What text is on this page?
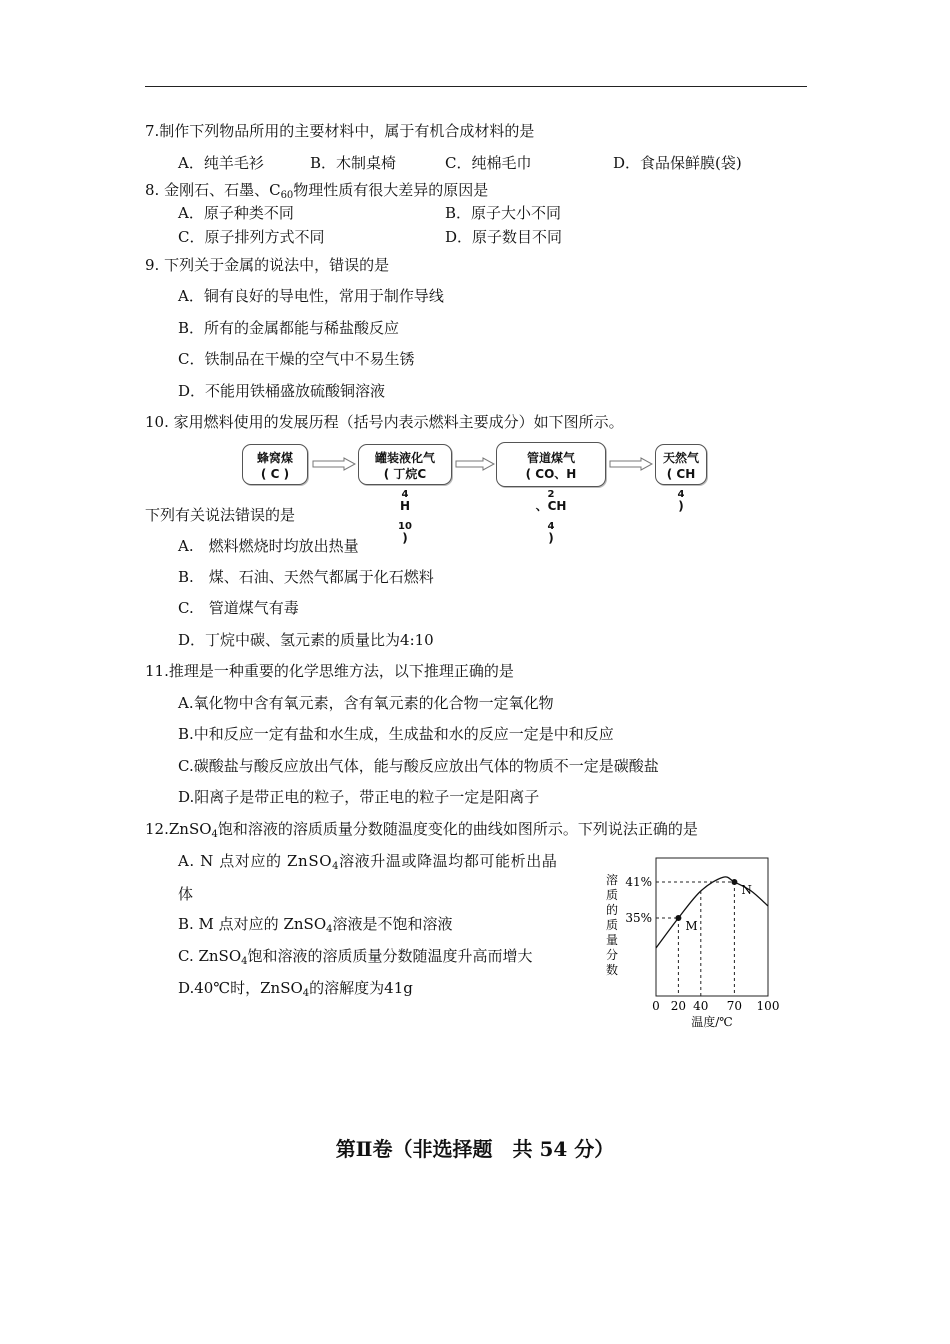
7.制作下列物品所用的主要材料中，属于有机合成材料的是
A．纯羊毛衫	B．木制桌椅	C．纯棉毛巾	D．食品保鲜膜(袋)
8. 金刚石、石墨、$C_{60}$物理性质有很大差异的原因是
A．原子种类不同	B．原子大小不同
C．原子排列方式不同	D．原子数目不同
9. 下列关于金属的说法中，错误的是
A．铜有良好的导电性，常用于制作导线
B．所有的金属都能与稀盐酸反应
C．铁制品在干燥的空气中不易生锈
D．不能用铁桶盛放硫酸铜溶液
10. 家用燃料使用的发展历程（括号内表示燃料主要成分）如下图所示。
蜂窝煤
( C )
罐装液化气
( 丁烷C
$_4$
H
$_{10}$
)
管道煤气
( CO、H
$_2$
、CH
$_4$
)
天然气
( CH
$_4$
)
下列有关说法错误的是
A.　燃料燃烧时均放出热量
B.　煤、石油、天然气都属于化石燃料
C.　管道煤气有毒
D．丁烷中碳、氢元素的质量比为4:10
11.推理是一种重要的化学思维方法，以下推理正确的是
A.氧化物中含有氧元素，含有氧元素的化合物一定氧化物
B.中和反应一定有盐和水生成，生成盐和水的反应一定是中和反应
C.碳酸盐与酸反应放出气体，能与酸反应放出气体的物质不一定是碳酸盐
D.阳离子是带正电的粒子，带正电的粒子一定是阳离子
12.ZnSO$_4$饱和溶液的溶质质量分数随温度变化的曲线如图所示。下列说法正确的是
A. N 点对应的 ZnSO$_4$溶液升温或降温均都可能析出晶
体
B. M 点对应的 ZnSO$_4$溶液是不饱和溶液
C. ZnSO$_4$饱和溶液的溶质质量分数随温度升高而增大
D.40℃时，ZnSO$_4$的溶解度为41g
溶
质
的
质
量
分
数
M
N
0 20 40 70 100
35%
41%
温度/℃
第Ⅱ卷（非选择题　共 54 分）
